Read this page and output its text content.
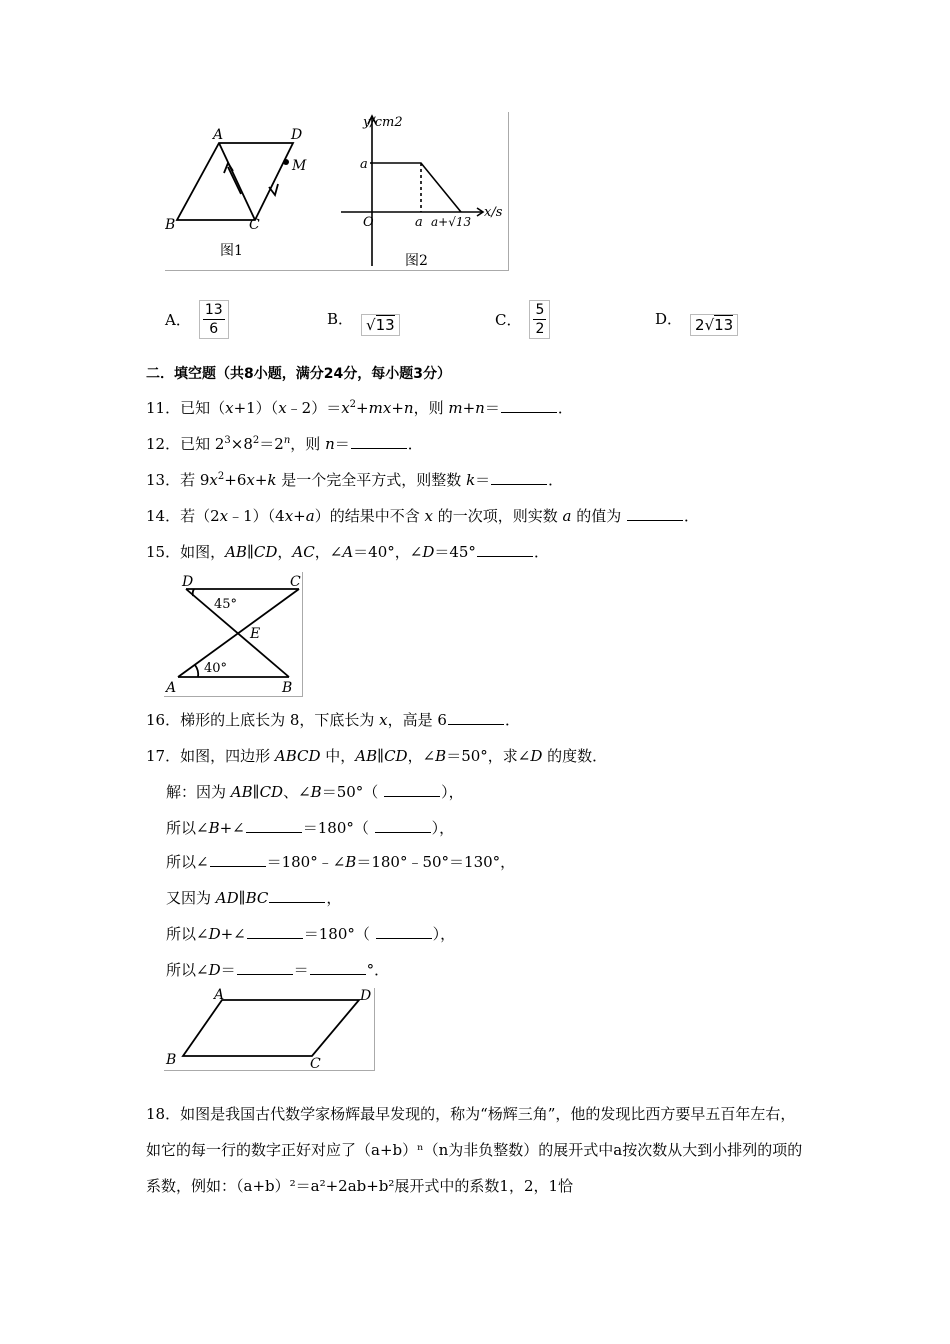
A	D
B	C
M
图1
y/cm2
x/s
O
a
a a+√13
图2
A． $\frac{13}{6}$	B． √13	C． $\frac{5}{2}$	D． 2√13
二．填空题（共8小题，满分24分，每小题3分）
11．已知$(x+1)(x﹣2)=x^2+mx+n$，则 m+n＝	．
12．已知 $2^3\times 8^2=2^n$，则 n＝	．
13．若 $9x^2+6x+k$ 是一个完全平方式，则整数 k＝	．
14．若（2x﹣1）（4x+a）的结果中不含 x 的一次项，则实数 a 的值为	．
15．如图，AB∥CD，AC，∠A＝40°，∠D＝45°	．
D	C
E
A	B
45°
40°
16．梯形的上底长为 8，下底长为 x，高是 6	．
17．如图，四边形 ABCD 中，AB∥CD，∠B＝50°，求∠D 的度数．
解：因为 AB∥CD、∠B＝50°（	），
所以∠B+∠	＝180°（	），
所以∠	＝180°﹣∠B＝180°﹣50°＝130°，
又因为 AD∥BC	，
所以∠D+∠	＝180°（	），
所以∠D＝	＝	°．
A	D
B	C
18．如图是我国古代数学家杨辉最早发现的，称为“杨辉三角”，他的发现比西方要早五百年左右，如它的每一行的数字正好对应了（a+b）ⁿ（n为非负整数）的展开式中a按次数从大到小排列的项的系数，例如：（a+b）²＝a²+2ab+b²展开式中的系数1，2，1恰
